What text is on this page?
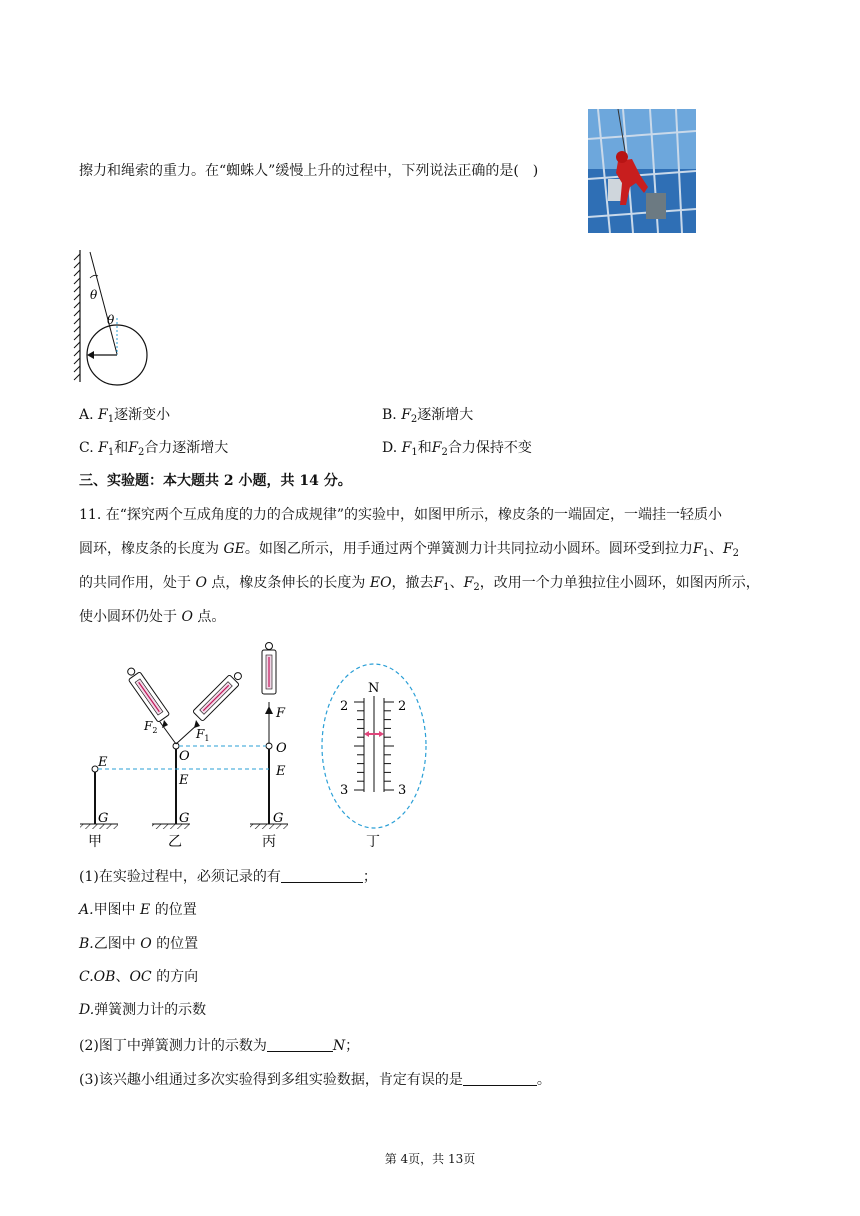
擦力和绳索的重力。在“蜘蛛人”缓慢上升的过程中，下列说法正确的是( )
θ
θ
A. $F_1$逐渐变小	B. $F_2$逐渐增大
C. $F_1$和$F_2$合力逐渐增大	D. $F_1$和$F_2$合力保持不变
三、实验题：本大题共 2 小题，共 14 分。
11. 在“探究两个互成角度的力的合成规律”的实验中，如图甲所示，橡皮条的一端固定，一端挂一轻质小
圆环，橡皮条的长度为 GE。如图乙所示，用手通过两个弹簧测力计共同拉动小圆环。圆环受到拉力$F_1$、$F_2$
的共同作用，处于 O 点，橡皮条伸长的长度为 EO，撤去$F_1$、$F_2$，改用一个力单独拉住小圆环，如图丙所示，
使小圆环仍处于 O 点。
E
G
$F_2$	$F_1$
O
E
G
F
O
E
G
N
2	2
3	3
甲	乙	丙	丁
(1)在实验过程中，必须记录的有	；
A.甲图中 E 的位置
B.乙图中 O 的位置
C.OB、OC 的方向
D.弹簧测力计的示数
(2)图丁中弹簧测力计的示数为	N；
(3)该兴趣小组通过多次实验得到多组实验数据，肯定有误的是	。
第 4页，共 13页
